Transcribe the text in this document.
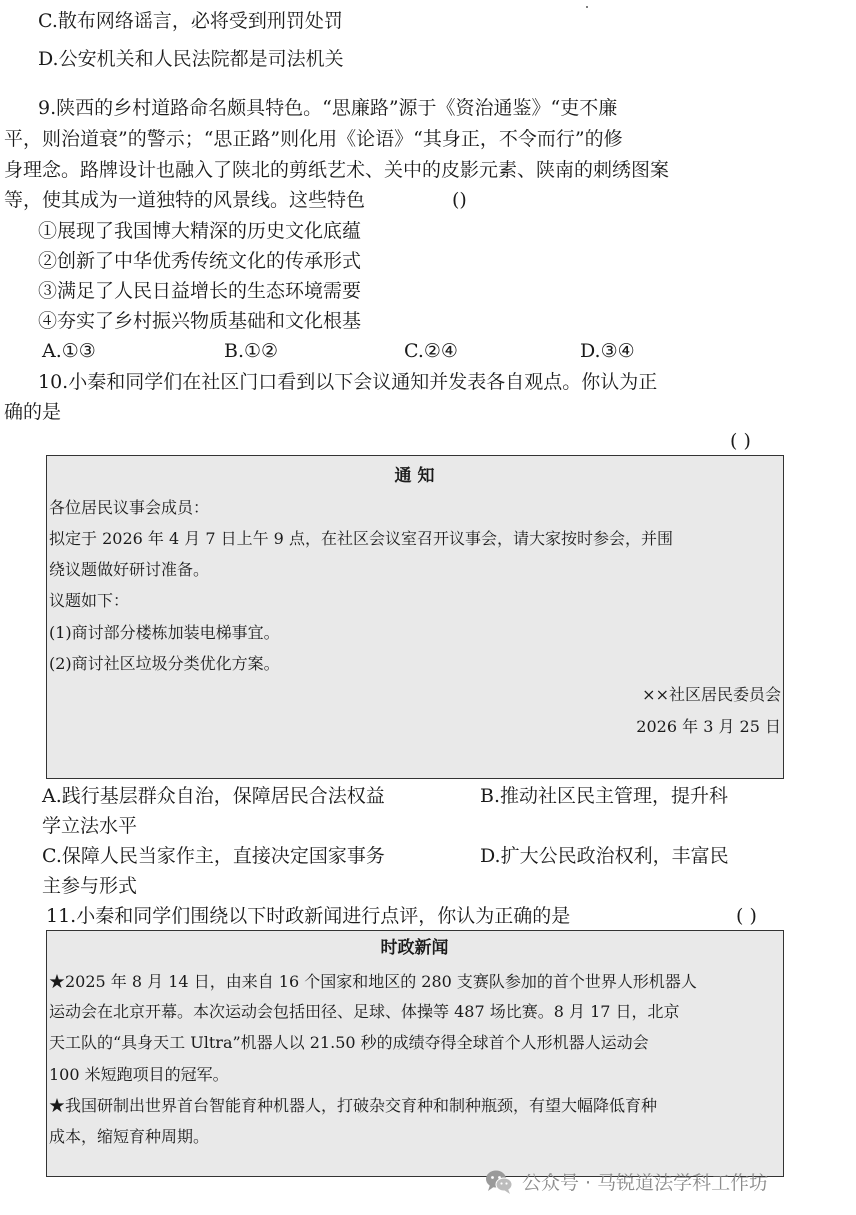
C.散布网络谣言，必将受到刑罚处罚
D.公安机关和人民法院都是司法机关
9.陕西的乡村道路命名颇具特色。“思廉路”源于《资治通鉴》“吏不廉
平，则治道衰”的警示；“思正路”则化用《论语》“其身正，不令而行”的修
身理念。路牌设计也融入了陕北的剪纸艺术、关中的皮影元素、陕南的刺绣图案
等，使其成为一道独特的风景线。这些特色	()
①展现了我国博大精深的历史文化底蕴
②创新了中华优秀传统文化的传承形式
③满足了人民日益增长的生态环境需要
④夯实了乡村振兴物质基础和文化根基
A.①③	B.①②	C.②④	D.③④
10.小秦和同学们在社区门口看到以下会议通知并发表各自观点。你认为正
确的是
( )
通 知
各位居民议事会成员：
拟定于 2026 年 4 月 7 日上午 9 点，在社区会议室召开议事会，请大家按时参会，并围
绕议题做好研讨准备。
议题如下：
(1)商讨部分楼栋加装电梯事宜。
(2)商讨社区垃圾分类优化方案。
××社区居民委员会
2026 年 3 月 25 日
A.践行基层群众自治，保障居民合法权益	B.推动社区民主管理，提升科
学立法水平
C.保障人民当家作主，直接决定国家事务	D.扩大公民政治权利，丰富民
主参与形式
11.小秦和同学们围绕以下时政新闻进行点评，你认为正确的是	( )
时政新闻
★2025 年 8 月 14 日，由来自 16 个国家和地区的 280 支赛队参加的首个世界人形机器人
运动会在北京开幕。本次运动会包括田径、足球、体操等 487 场比赛。8 月 17 日，北京
天工队的“具身天工 Ultra”机器人以 21.50 秒的成绩夺得全球首个人形机器人运动会
100 米短跑项目的冠军。
★我国研制出世界首台智能育种机器人，打破杂交育种和制种瓶颈，有望大幅降低育种
成本，缩短育种周期。
公众号 · 马锐道法学科工作坊
